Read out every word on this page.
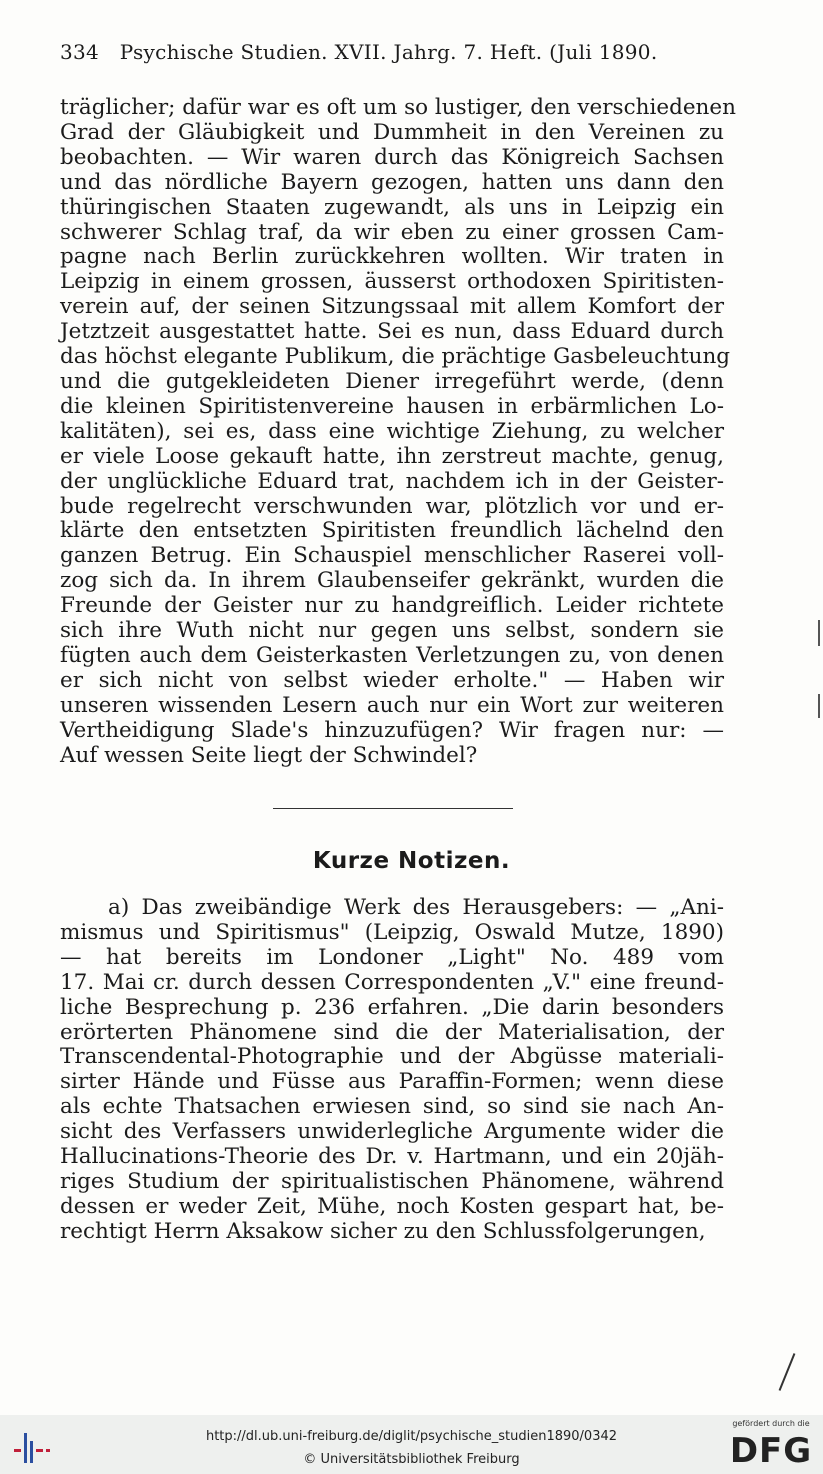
334 Psychische Studien. XVII. Jahrg. 7. Heft. (Juli 1890.
träglicher; dafür war es oft um so lustiger, den verschiedenen
Grad der Gläubigkeit und Dummheit in den Vereinen zu
beobachten. — Wir waren durch das Königreich Sachsen
und das nördliche Bayern gezogen, hatten uns dann den
thüringischen Staaten zugewandt, als uns in Leipzig ein
schwerer Schlag traf, da wir eben zu einer grossen Cam-
pagne nach Berlin zurückkehren wollten. Wir traten in
Leipzig in einem grossen, äusserst orthodoxen Spiritisten-
verein auf, der seinen Sitzungssaal mit allem Komfort der
Jetztzeit ausgestattet hatte. Sei es nun, dass Eduard durch
das höchst elegante Publikum, die prächtige Gasbeleuchtung
und die gutgekleideten Diener irregeführt werde, (denn
die kleinen Spiritistenvereine hausen in erbärmlichen Lo-
kalitäten), sei es, dass eine wichtige Ziehung, zu welcher
er viele Loose gekauft hatte, ihn zerstreut machte, genug,
der unglückliche Eduard trat, nachdem ich in der Geister-
bude regelrecht verschwunden war, plötzlich vor und er-
klärte den entsetzten Spiritisten freundlich lächelnd den
ganzen Betrug. Ein Schauspiel menschlicher Raserei voll-
zog sich da. In ihrem Glaubenseifer gekränkt, wurden die
Freunde der Geister nur zu handgreiflich. Leider richtete
sich ihre Wuth nicht nur gegen uns selbst, sondern sie
fügten auch dem Geisterkasten Verletzungen zu, von denen
er sich nicht von selbst wieder erholte." — Haben wir
unseren wissenden Lesern auch nur ein Wort zur weiteren
Vertheidigung Slade's hinzuzufügen? Wir fragen nur: —
Auf wessen Seite liegt der Schwindel?
Kurze Notizen.
a) Das zweibändige Werk des Herausgebers: — „Ani-
mismus und Spiritismus" (Leipzig, Oswald Mutze, 1890)
— hat bereits im Londoner „Light" No. 489 vom
17. Mai cr. durch dessen Correspondenten „V." eine freund-
liche Besprechung p. 236 erfahren. „Die darin besonders
erörterten Phänomene sind die der Materialisation, der
Transcendental-Photographie und der Abgüsse materiali-
sirter Hände und Füsse aus Paraffin-Formen; wenn diese
als echte Thatsachen erwiesen sind, so sind sie nach An-
sicht des Verfassers unwiderlegliche Argumente wider die
Hallucinations-Theorie des Dr. v. Hartmann, und ein 20jäh-
riges Studium der spiritualistischen Phänomene, während
dessen er weder Zeit, Mühe, noch Kosten gespart hat, be-
rechtigt Herrn Aksakow sicher zu den Schlussfolgerungen,
http://dl.ub.uni-freiburg.de/diglit/psychische_studien1890/0342
© Universitätsbibliothek Freiburg
gefördert durch die
DFG
